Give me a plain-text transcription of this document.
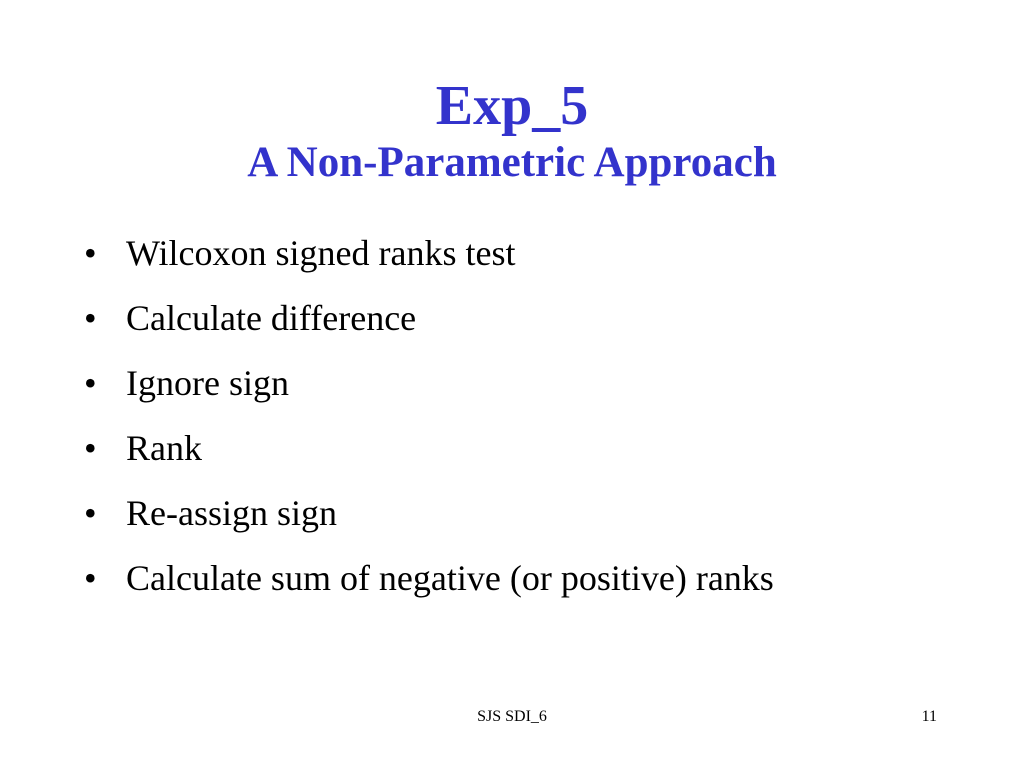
Exp_5
A Non-Parametric Approach
• Wilcoxon signed ranks test
• Calculate difference
• Ignore sign
• Rank
• Re-assign sign
• Calculate sum of negative (or positive) ranks
SJS SDI_6	11
